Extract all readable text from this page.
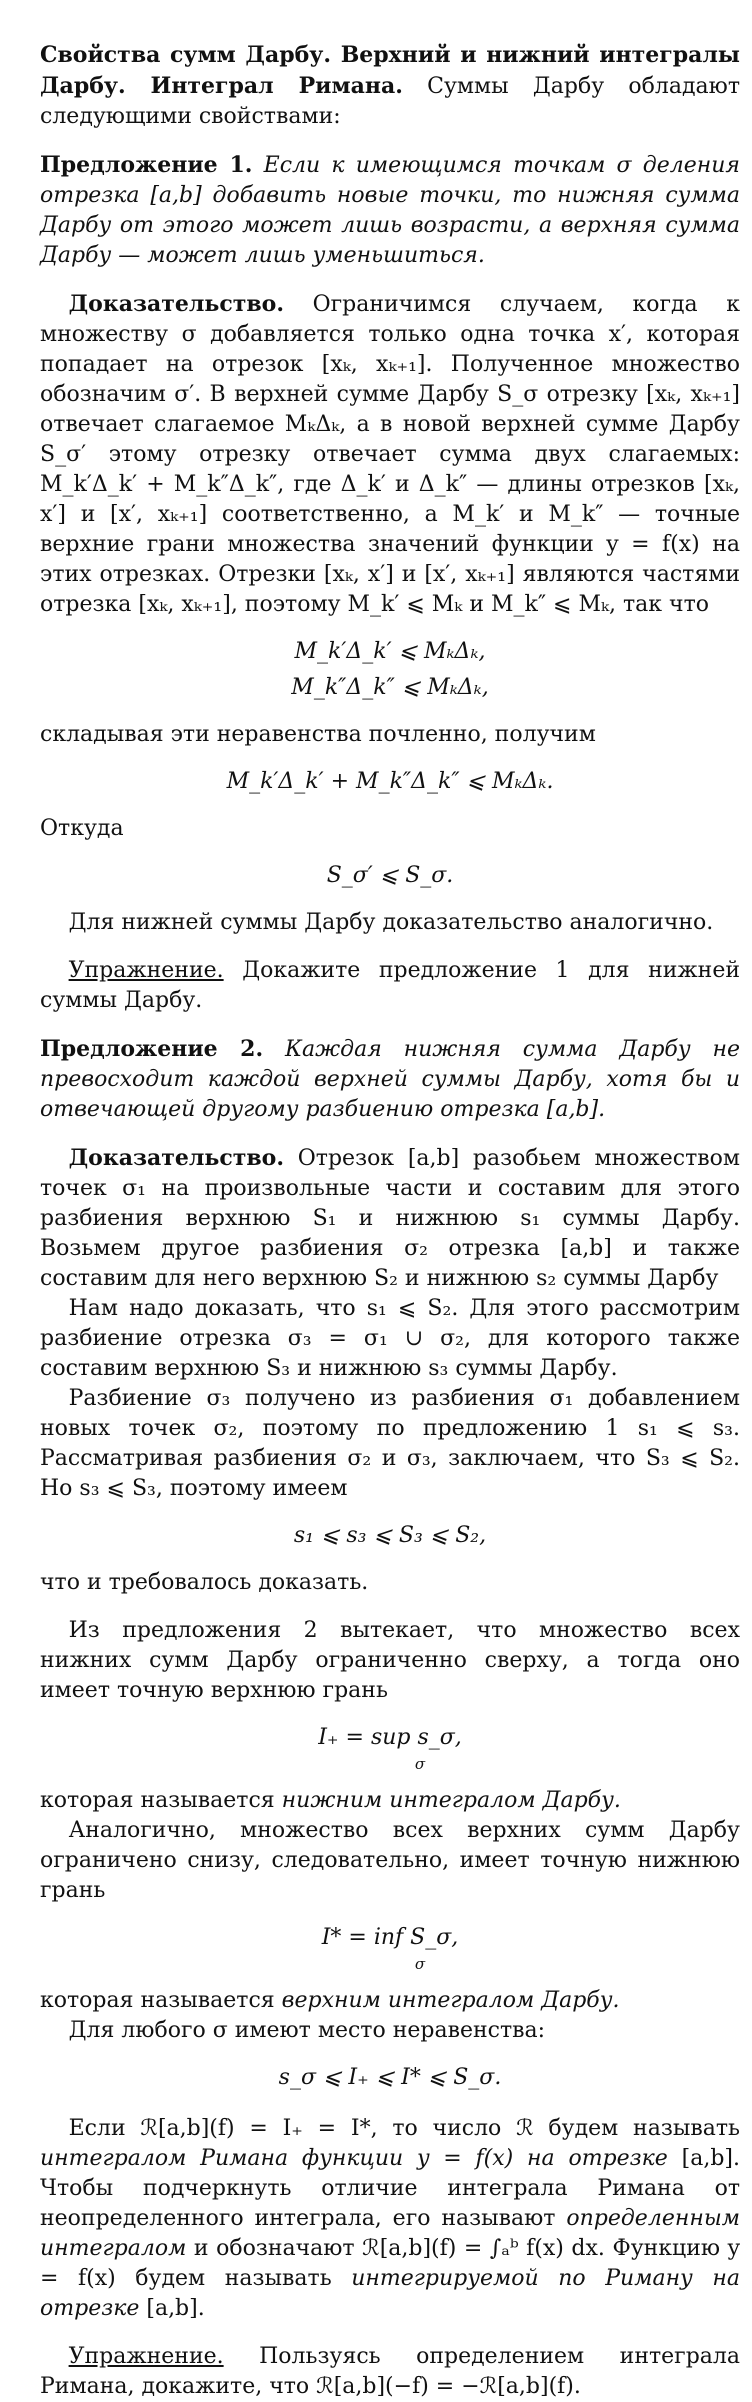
Свойства сумм Дарбу. Верхний и нижний интегралы Дарбу. Интеграл Римана. Суммы Дарбу обладают следующими свойствами:

Предложение 1. Если к имеющимся точкам σ деления отрезка [a,b] добавить новые точки, то нижняя сумма Дарбу от этого может лишь возрасти, а верхняя сумма Дарбу — может лишь уменьшиться.

Доказательство. Ограничимся случаем, когда к множеству σ добавляется только одна точка x′, которая попадает на отрезок [xₖ, xₖ₊₁]. Полученное множество обозначим σ′. В верхней сумме Дарбу S_σ отрезку [xₖ, xₖ₊₁] отвечает слагаемое MₖΔₖ, а в новой верхней сумме Дарбу S_σ′ этому отрезку отвечает сумма двух слагаемых: M_k′Δ_k′ + M_k″Δ_k″, где Δ_k′ и Δ_k″ — длины отрезков [xₖ, x′] и [x′, xₖ₊₁] соответственно, а M_k′ и M_k″ — точные верхние грани множества значений функции y = f(x) на этих отрезках. Отрезки [xₖ, x′] и [x′, xₖ₊₁] являются частями отрезка [xₖ, xₖ₊₁], поэтому M_k′ ⩽ Mₖ и M_k″ ⩽ Mₖ, так что

M_k′Δ_k′ ⩽ MₖΔₖ,
M_k″Δ_k″ ⩽ MₖΔₖ,

складывая эти неравенства почленно, получим

M_k′Δ_k′ + M_k″Δ_k″ ⩽ MₖΔₖ.

Откуда

S_σ′ ⩽ S_σ.

Для нижней суммы Дарбу доказательство аналогично.

Упражнение. Докажите предложение 1 для нижней суммы Дарбу.

Предложение 2. Каждая нижняя сумма Дарбу не превосходит каждой верхней суммы Дарбу, хотя бы и отвечающей другому разбиению отрезка [a,b].

Доказательство. Отрезок [a,b] разобьем множеством точек σ₁ на произвольные части и составим для этого разбиения верхнюю S₁ и нижнюю s₁ суммы Дарбу. Возьмем другое разбиения σ₂ отрезка [a,b] и также составим для него верхнюю S₂ и нижнюю s₂ суммы Дарбу

Нам надо доказать, что s₁ ⩽ S₂. Для этого рассмотрим разбиение отрезка σ₃ = σ₁ ∪ σ₂, для которого также составим верхнюю S₃ и нижнюю s₃ суммы Дарбу.

Разбиение σ₃ получено из разбиения σ₁ добавлением новых точек σ₂, поэтому по предложению 1 s₁ ⩽ s₃. Рассматривая разбиения σ₂ и σ₃, заключаем, что S₃ ⩽ S₂. Но s₃ ⩽ S₃, поэтому имеем

s₁ ⩽ s₃ ⩽ S₃ ⩽ S₂,

что и требовалось доказать.

Из предложения 2 вытекает, что множество всех нижних сумм Дарбу ограниченно сверху, а тогда оно имеет точную верхнюю грань

I₊ = sup s_σ,
σ

которая называется нижним интегралом Дарбу.

Аналогично, множество всех верхних сумм Дарбу ограничено снизу, следовательно, имеет точную нижнюю грань

I* = inf S_σ,
σ

которая называется верхним интегралом Дарбу.

Для любого σ имеют место неравенства:

s_σ ⩽ I₊ ⩽ I* ⩽ S_σ.

Если ℛ[a,b](f) = I₊ = I*, то число ℛ будем называть интегралом Римана функции y = f(x) на отрезке [a,b]. Чтобы подчеркнуть отличие интеграла Римана от неопределенного интеграла, его называют определенным интегралом и обозначают ℛ[a,b](f) = ∫ₐᵇ f(x) dx. Функцию y = f(x) будем называть интегрируемой по Риману на отрезке [a,b].

Упражнение. Пользуясь определением интеграла Римана, докажите, что ℛ[a,b](−f) = −ℛ[a,b](f).
